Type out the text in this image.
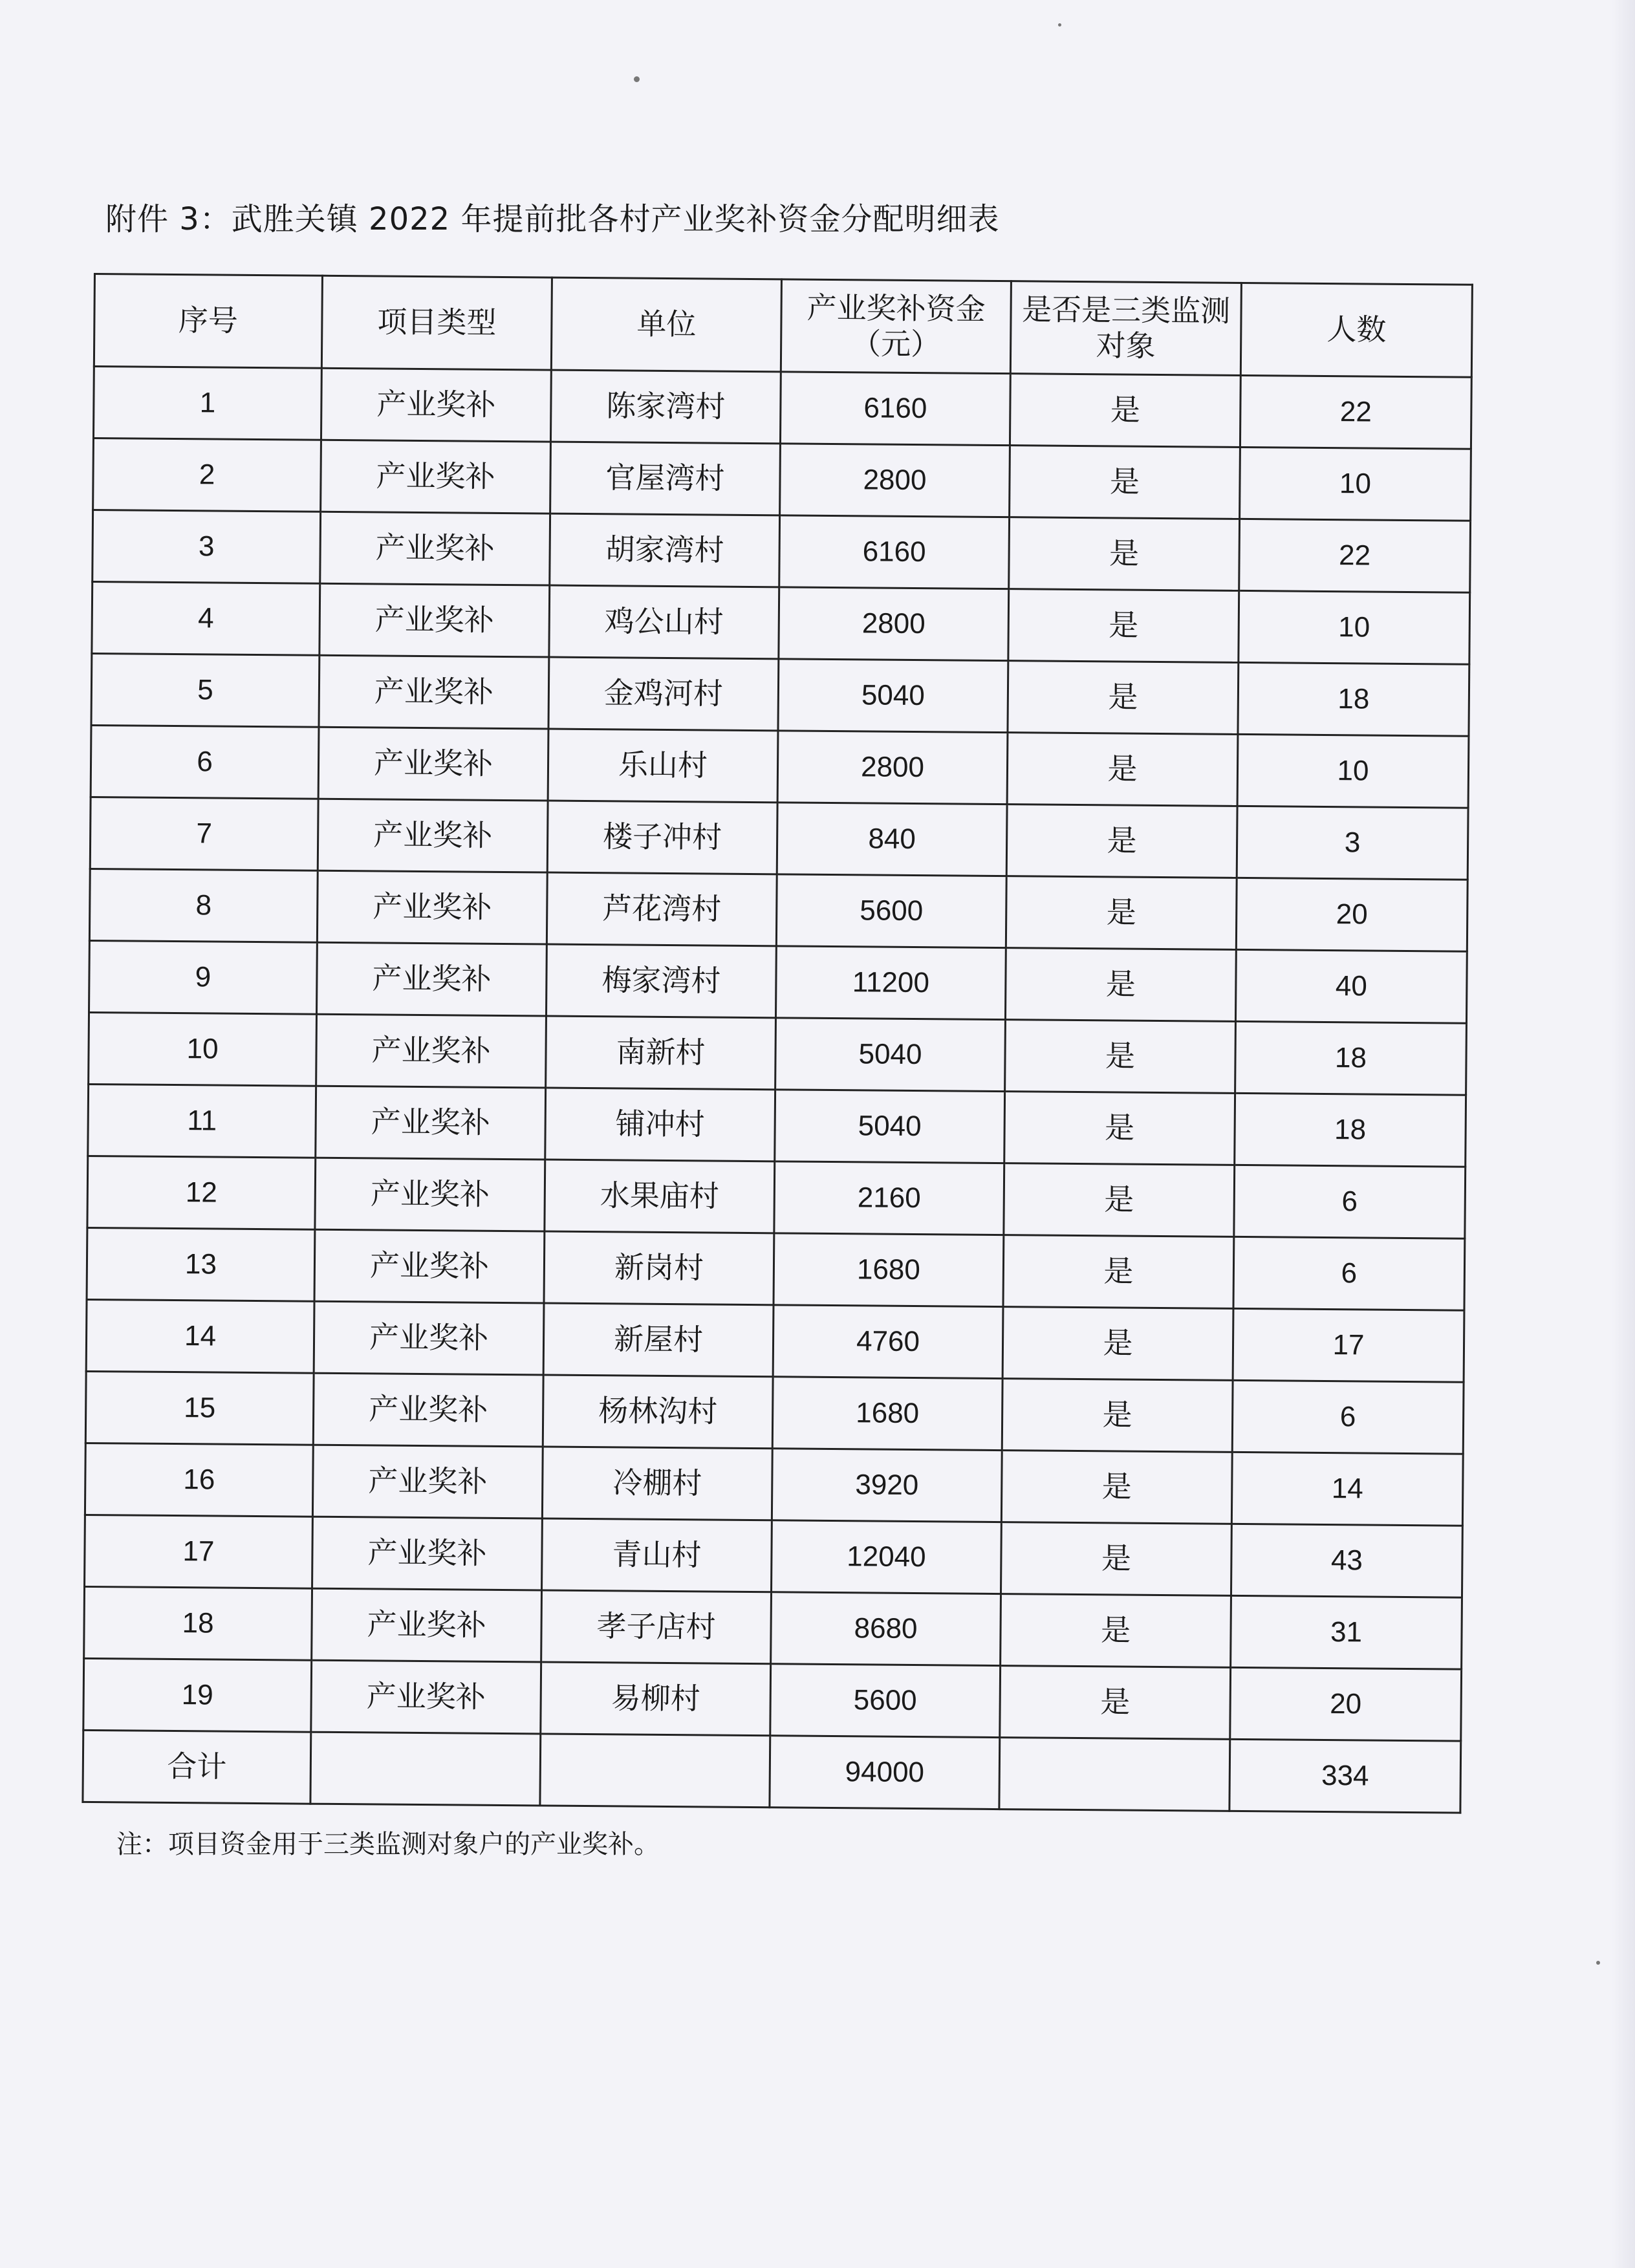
附件 3：武胜关镇 2022 年提前批各村产业奖补资金分配明细表
序号	项目类型	单位	产业奖补资金（元）	是否是三类监测对象	人数
1	产业奖补	陈家湾村	6160	是	22
2	产业奖补	官屋湾村	2800	是	10
3	产业奖补	胡家湾村	6160	是	22
4	产业奖补	鸡公山村	2800	是	10
5	产业奖补	金鸡河村	5040	是	18
6	产业奖补	乐山村	2800	是	10
7	产业奖补	楼子冲村	840	是	3
8	产业奖补	芦花湾村	5600	是	20
9	产业奖补	梅家湾村	11200	是	40
10	产业奖补	南新村	5040	是	18
11	产业奖补	铺冲村	5040	是	18
12	产业奖补	水果庙村	2160	是	6
13	产业奖补	新岗村	1680	是	6
14	产业奖补	新屋村	4760	是	17
15	产业奖补	杨林沟村	1680	是	6
16	产业奖补	冷棚村	3920	是	14
17	产业奖补	青山村	12040	是	43
18	产业奖补	孝子店村	8680	是	31
19	产业奖补	易柳村	5600	是	20
合计			94000		334
注：项目资金用于三类监测对象户的产业奖补。
